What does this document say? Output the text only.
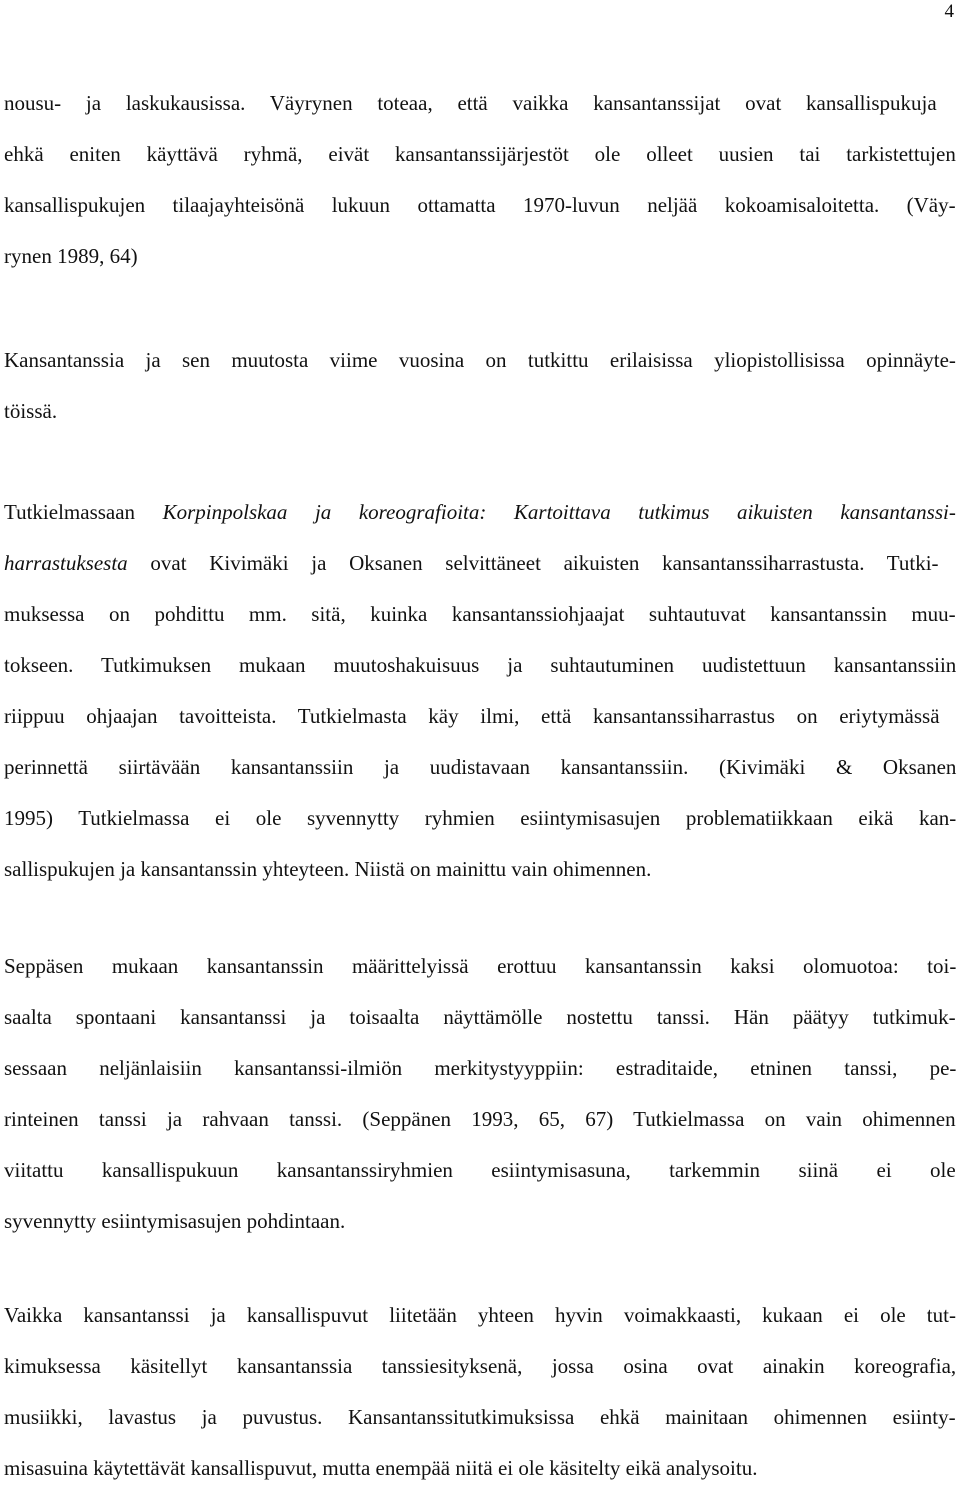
4

nousu- ja laskukausissa. Väyrynen toteaa, että vaikka kansantanssijat ovat kansallispukuja
ehkä eniten käyttävä ryhmä, eivät kansantanssijärjestöt ole olleet uusien tai tarkistettujen
kansallispukujen tilaajayhteisönä lukuun ottamatta 1970-luvun neljää kokoamisaloitetta. (Väy-
rynen 1989, 64)

Kansantanssia ja sen muutosta viime vuosina on tutkittu erilaisissa yliopistollisissa opinnäyte-
töissä.

Tutkielmassaan Korpinpolskaa ja koreografioita: Kartoittava tutkimus aikuisten kansantanssi-
harrastuksesta ovat Kivimäki ja Oksanen selvittäneet aikuisten kansantanssiharrastusta. Tutki-
muksessa on pohdittu mm. sitä, kuinka kansantanssiohjaajat suhtautuvat kansantanssin muu-
tokseen. Tutkimuksen mukaan muutoshakuisuus ja suhtautuminen uudistettuun kansantanssiin
riippuu ohjaajan tavoitteista. Tutkielmasta käy ilmi, että kansantanssiharrastus on eriytymässä
perinnettä siirtävään kansantanssiin ja uudistavaan kansantanssiin. (Kivimäki & Oksanen
1995) Tutkielmassa ei ole syvennytty ryhmien esiintymisasujen problematiikkaan eikä kan-
sallispukujen ja kansantanssin yhteyteen. Niistä on mainittu vain ohimennen.

Seppäsen mukaan kansantanssin määrittelyissä erottuu kansantanssin kaksi olomuotoa: toi-
saalta spontaani kansantanssi ja toisaalta näyttämölle nostettu tanssi. Hän päätyy tutkimuk-
sessaan neljänlaisiin kansantanssi-ilmiön merkitystyyppiin: estraditaide, etninen tanssi, pe-
rinteinen tanssi ja rahvaan tanssi. (Seppänen 1993, 65, 67) Tutkielmassa on vain ohimennen
viitattu kansallispukuun kansantanssiryhmien esiintymisasuna, tarkemmin siinä ei ole
syvennytty esiintymisasujen pohdintaan.

Vaikka kansantanssi ja kansallispuvut liitetään yhteen hyvin voimakkaasti, kukaan ei ole tut-
kimuksessa käsitellyt kansantanssia tanssiesityksenä, jossa osina ovat ainakin koreografia,
musiikki, lavastus ja puvustus. Kansantanssitutkimuksissa ehkä mainitaan ohimennen esiinty-
misasuina käytettävät kansallispuvut, mutta enempää niitä ei ole käsitelty eikä analysoitu.
